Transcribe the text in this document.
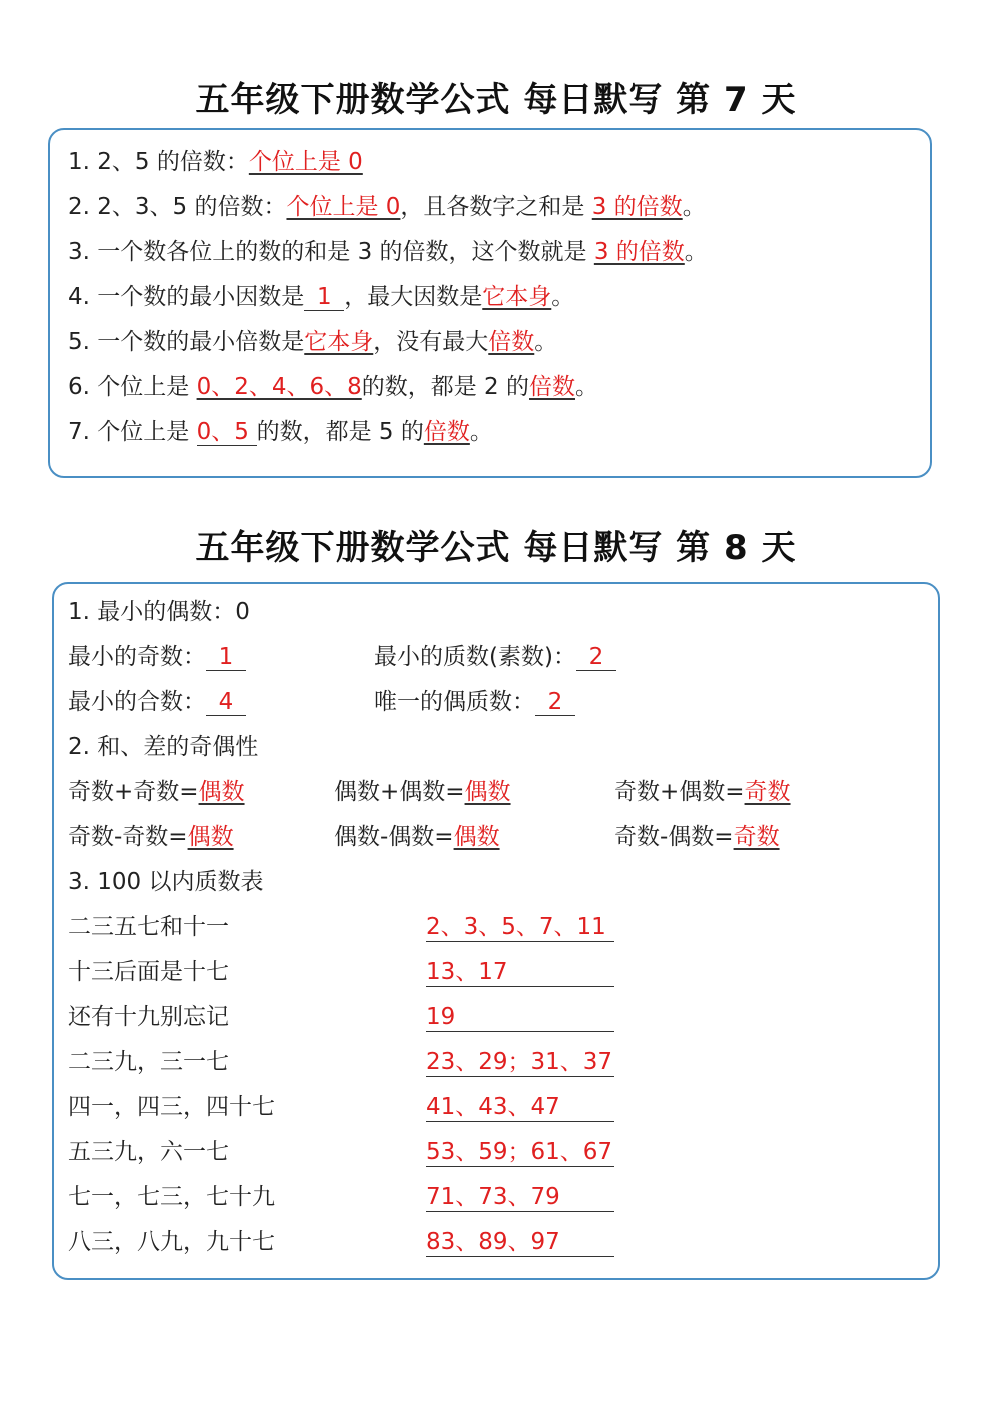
五年级下册数学公式 每日默写 第 7 天
1. 2、5 的倍数：个位上是 0
2. 2、3、5 的倍数：个位上是 0，且各数字之和是 3 的倍数。
3. 一个数各位上的数的和是 3 的倍数，这个数就是 3 的倍数。
4. 一个数的最小因数是 1 ，最大因数是它本身。
5. 一个数的最小倍数是它本身，没有最大倍数。
6. 个位上是 0、2、4、6、8的数，都是 2 的倍数。
7. 个位上是 0、5 的数，都是 5 的倍数。
五年级下册数学公式 每日默写 第 8 天
1. 最小的偶数：0
最小的奇数： 1	最小的质数(素数)： 2
最小的合数： 4	唯一的偶质数： 2
2. 和、差的奇偶性
奇数+奇数=偶数	偶数+偶数=偶数	奇数+偶数=奇数
奇数-奇数=偶数	偶数-偶数=偶数	奇数-偶数=奇数
3. 100 以内质数表
二三五七和十一	2、3、5、7、11
十三后面是十七	13、17
还有十九别忘记	19
二三九，三一七	23、29；31、37
四一，四三，四十七	41、43、47
五三九，六一七	53、59；61、67
七一，七三，七十九	71、73、79
八三，八九，九十七	83、89、97
